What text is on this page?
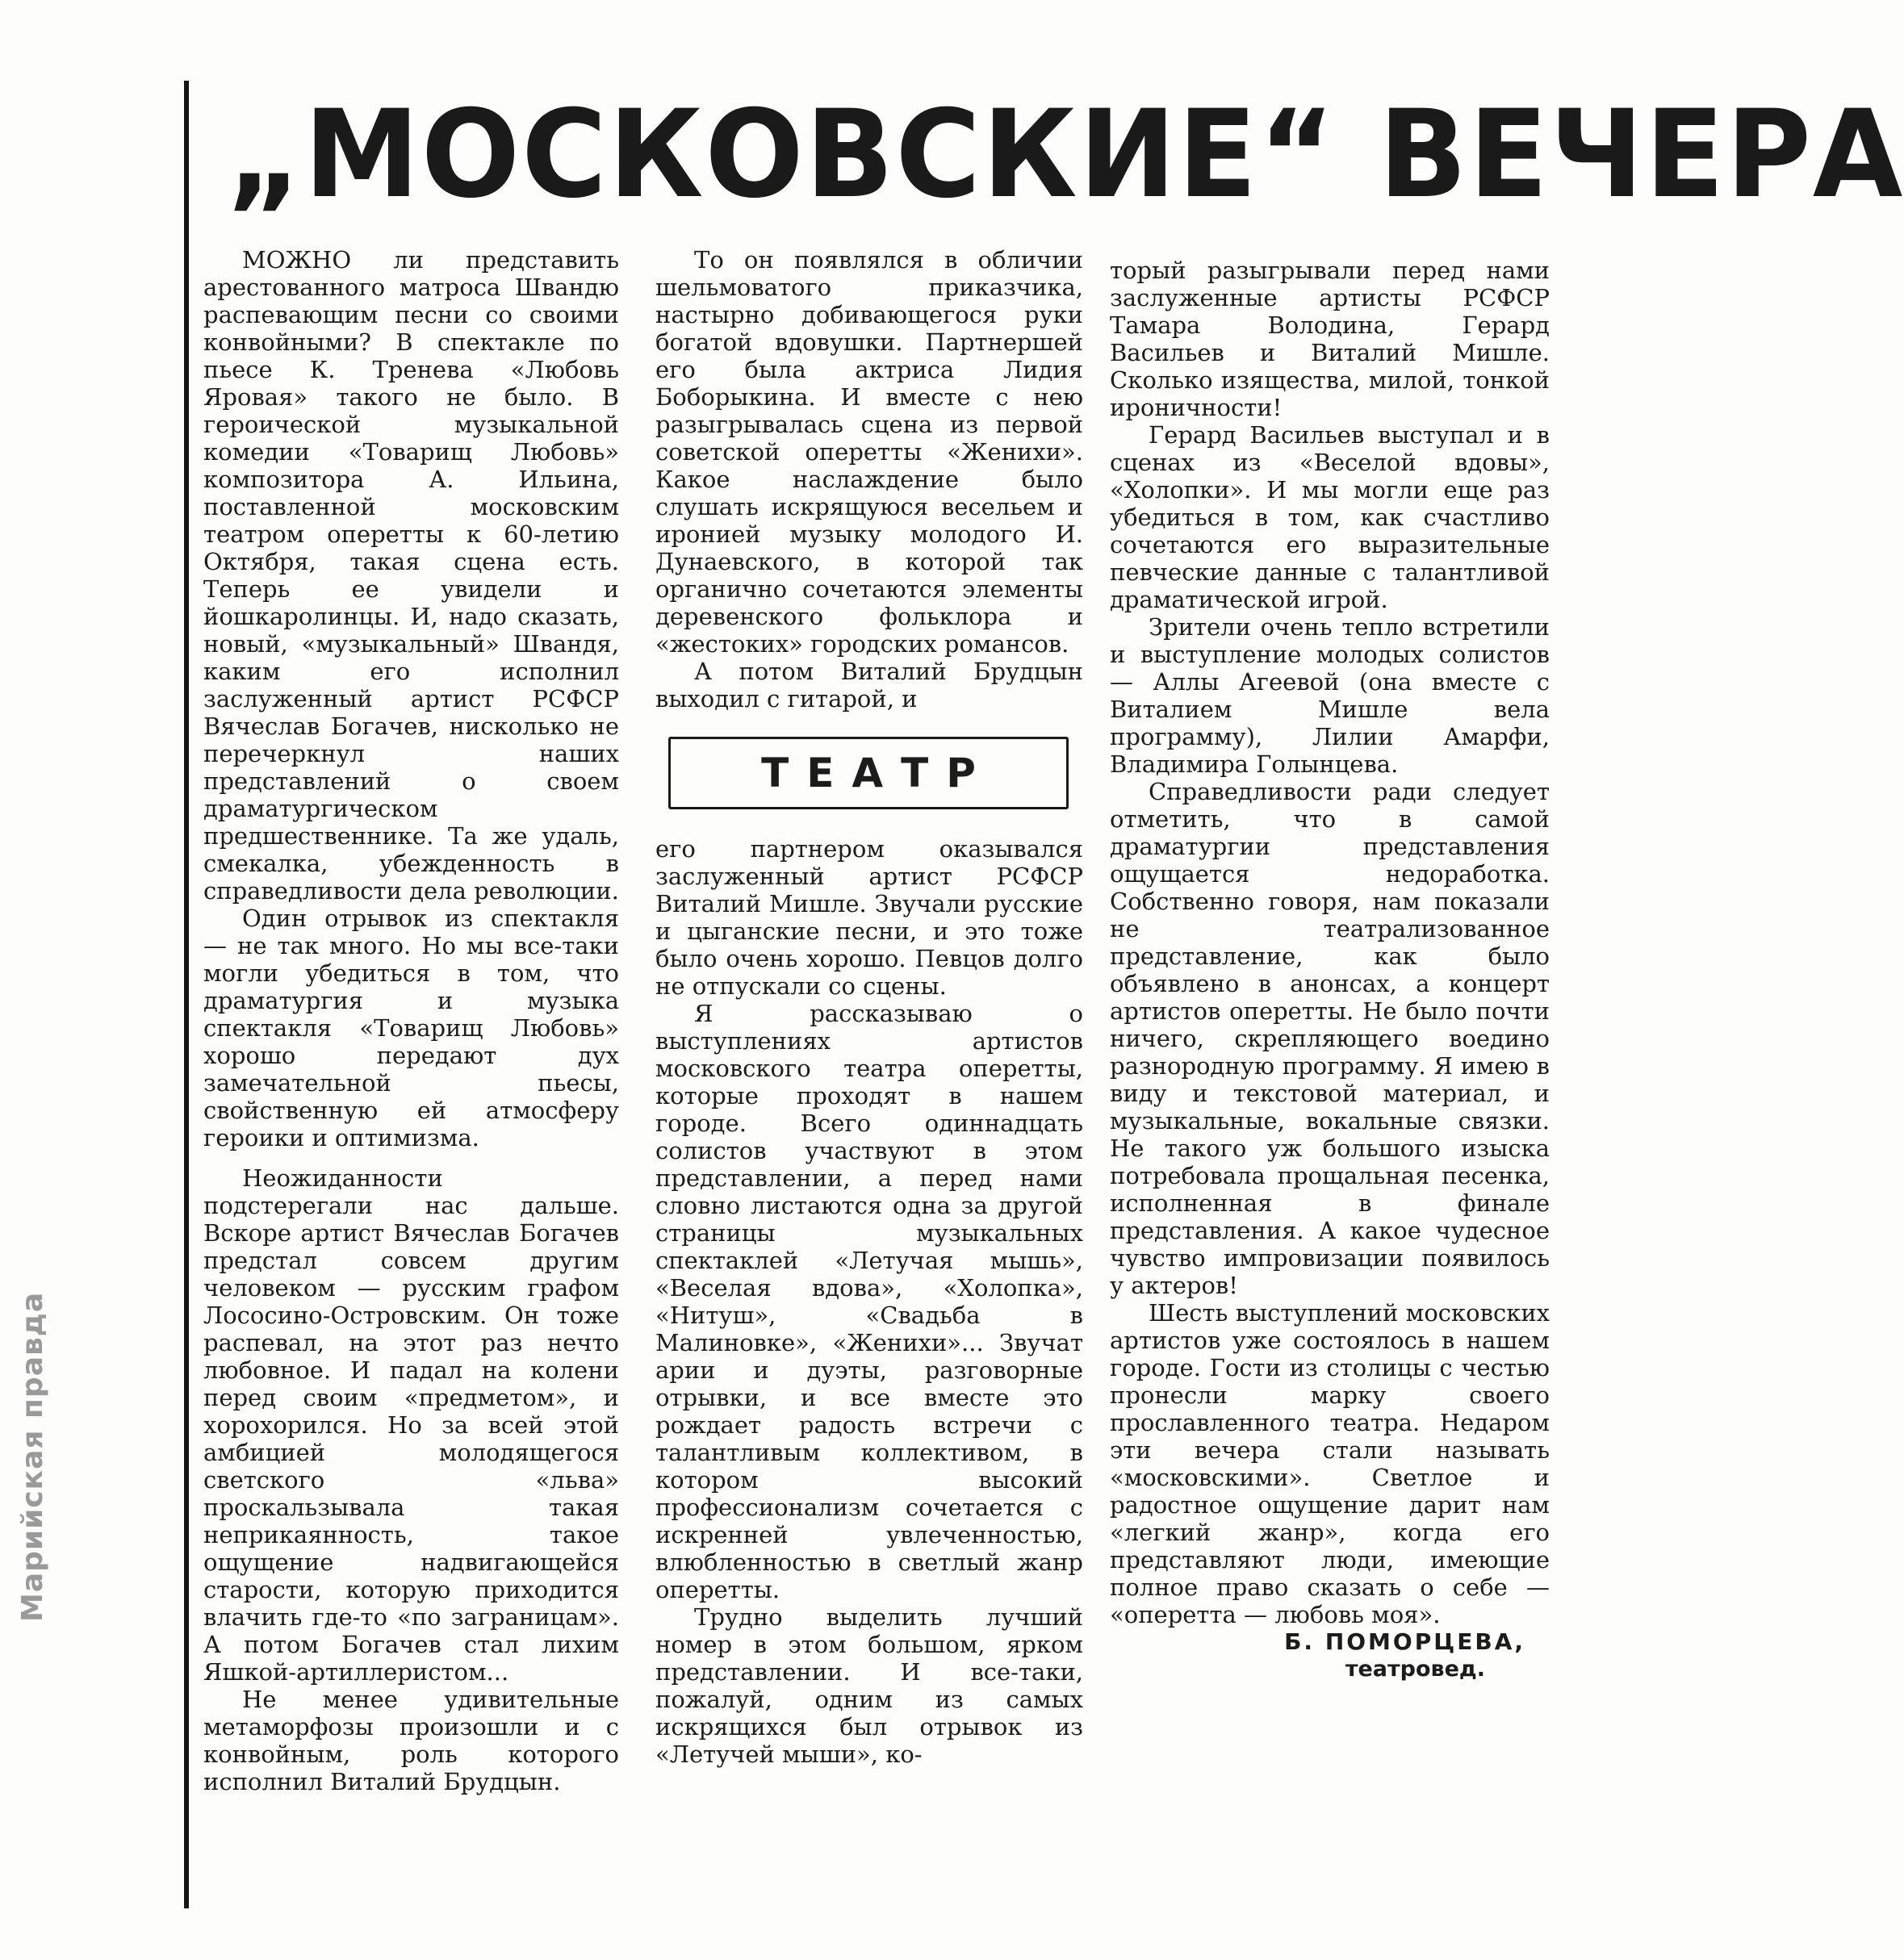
Марийская правда
„МОСКОВСКИЕ“ ВЕЧЕРА

МОЖНО ли представить арестованного матроса Швандю распевающим песни со своими конвойными? В спектакле по пьесе К. Тренева «Любовь Яровая» такого не было. В героической музыкальной комедии «Товарищ Любовь» композитора А. Ильина, поставленной московским театром оперетты к 60-летию Октября, такая сцена есть. Теперь ее увидели и йошкаролинцы. И, надо сказать, новый, «музыкальный» Швандя, каким его исполнил заслуженный артист РСФСР Вячеслав Богачев, нисколько не перечеркнул наших представлений о своем драматургическом предшественнике. Та же удаль, смекалка, убежденность в справедливости дела революции.

Один отрывок из спектакля — не так много. Но мы все-таки могли убедиться в том, что драматургия и музыка спектакля «Товарищ Любовь» хорошо передают дух замечательной пьесы, свойственную ей атмосферу героики и оптимизма.

Неожиданности подстерегали нас дальше. Вскоре артист Вячеслав Богачев предстал совсем другим человеком — русским графом Лососино-Островским. Он тоже распевал, на этот раз нечто любовное. И падал на колени перед своим «предметом», и хорохорился. Но за всей этой амбицией молодящегося светского «льва» проскальзывала такая неприкаянность, такое ощущение надвигающейся старости, которую приходится влачить где-то «по заграницам». А потом Богачев стал лихим Яшкой-артиллеристом...

Не менее удивительные метаморфозы произошли и с конвойным, роль которого исполнил Виталий Брудцын.

То он появлялся в обличии шельмоватого приказчика, настырно добивающегося руки богатой вдовушки. Партнершей его была актриса Лидия Боборыкина. И вместе с нею разыгрывалась сцена из первой советской оперетты «Женихи». Какое наслаждение было слушать искрящуюся весельем и иронией музыку молодого И. Дунаевского, в которой так органично сочетаются элементы деревенского фольклора и «жестоких» городских романсов.

А потом Виталий Брудцын выходил с гитарой, и

ТЕАТР

его партнером оказывался заслуженный артист РСФСР Виталий Мишле. Звучали русские и цыганские песни, и это тоже было очень хорошо. Певцов долго не отпускали со сцены.

Я рассказываю о выступлениях артистов московского театра оперетты, которые проходят в нашем городе. Всего одиннадцать солистов участвуют в этом представлении, а перед нами словно листаются одна за другой страницы музыкальных спектаклей «Летучая мышь», «Веселая вдова», «Холопка», «Нитуш», «Свадьба в Малиновке», «Женихи»... Звучат арии и дуэты, разговорные отрывки, и все вместе это рождает радость встречи с талантливым коллективом, в котором высокий профессионализм сочетается с искренней увлеченностью, влюбленностью в светлый жанр оперетты.

Трудно выделить лучший номер в этом большом, ярком представлении. И все-таки, пожалуй, одним из самых искрящихся был отрывок из «Летучей мыши», ко-

торый разыгрывали перед нами заслуженные артисты РСФСР Тамара Володина, Герард Васильев и Виталий Мишле. Сколько изящества, милой, тонкой ироничности!

Герард Васильев выступал и в сценах из «Веселой вдовы», «Холопки». И мы могли еще раз убедиться в том, как счастливо сочетаются его выразительные певческие данные с талантливой драматической игрой.

Зрители очень тепло встретили и выступление молодых солистов — Аллы Агеевой (она вместе с Виталием Мишле вела программу), Лилии Амарфи, Владимира Голынцева.

Справедливости ради следует отметить, что в самой драматургии представления ощущается недоработка. Собственно говоря, нам показали не театрализованное представление, как было объявлено в анонсах, а концерт артистов оперетты. Не было почти ничего, скрепляющего воедино разнородную программу. Я имею в виду и текстовой материал, и музыкальные, вокальные связки. Не такого уж большого изыска потребовала прощальная песенка, исполненная в финале представления. А какое чудесное чувство импровизации появилось у актеров!

Шесть выступлений московских артистов уже состоялось в нашем городе. Гости из столицы с честью пронесли марку своего прославленного театра. Недаром эти вечера стали называть «московскими». Светлое и радостное ощущение дарит нам «легкий жанр», когда его представляют люди, имеющие полное право сказать о себе — «оперетта — любовь моя».

Б. ПОМОРЦЕВА,

театровед.
